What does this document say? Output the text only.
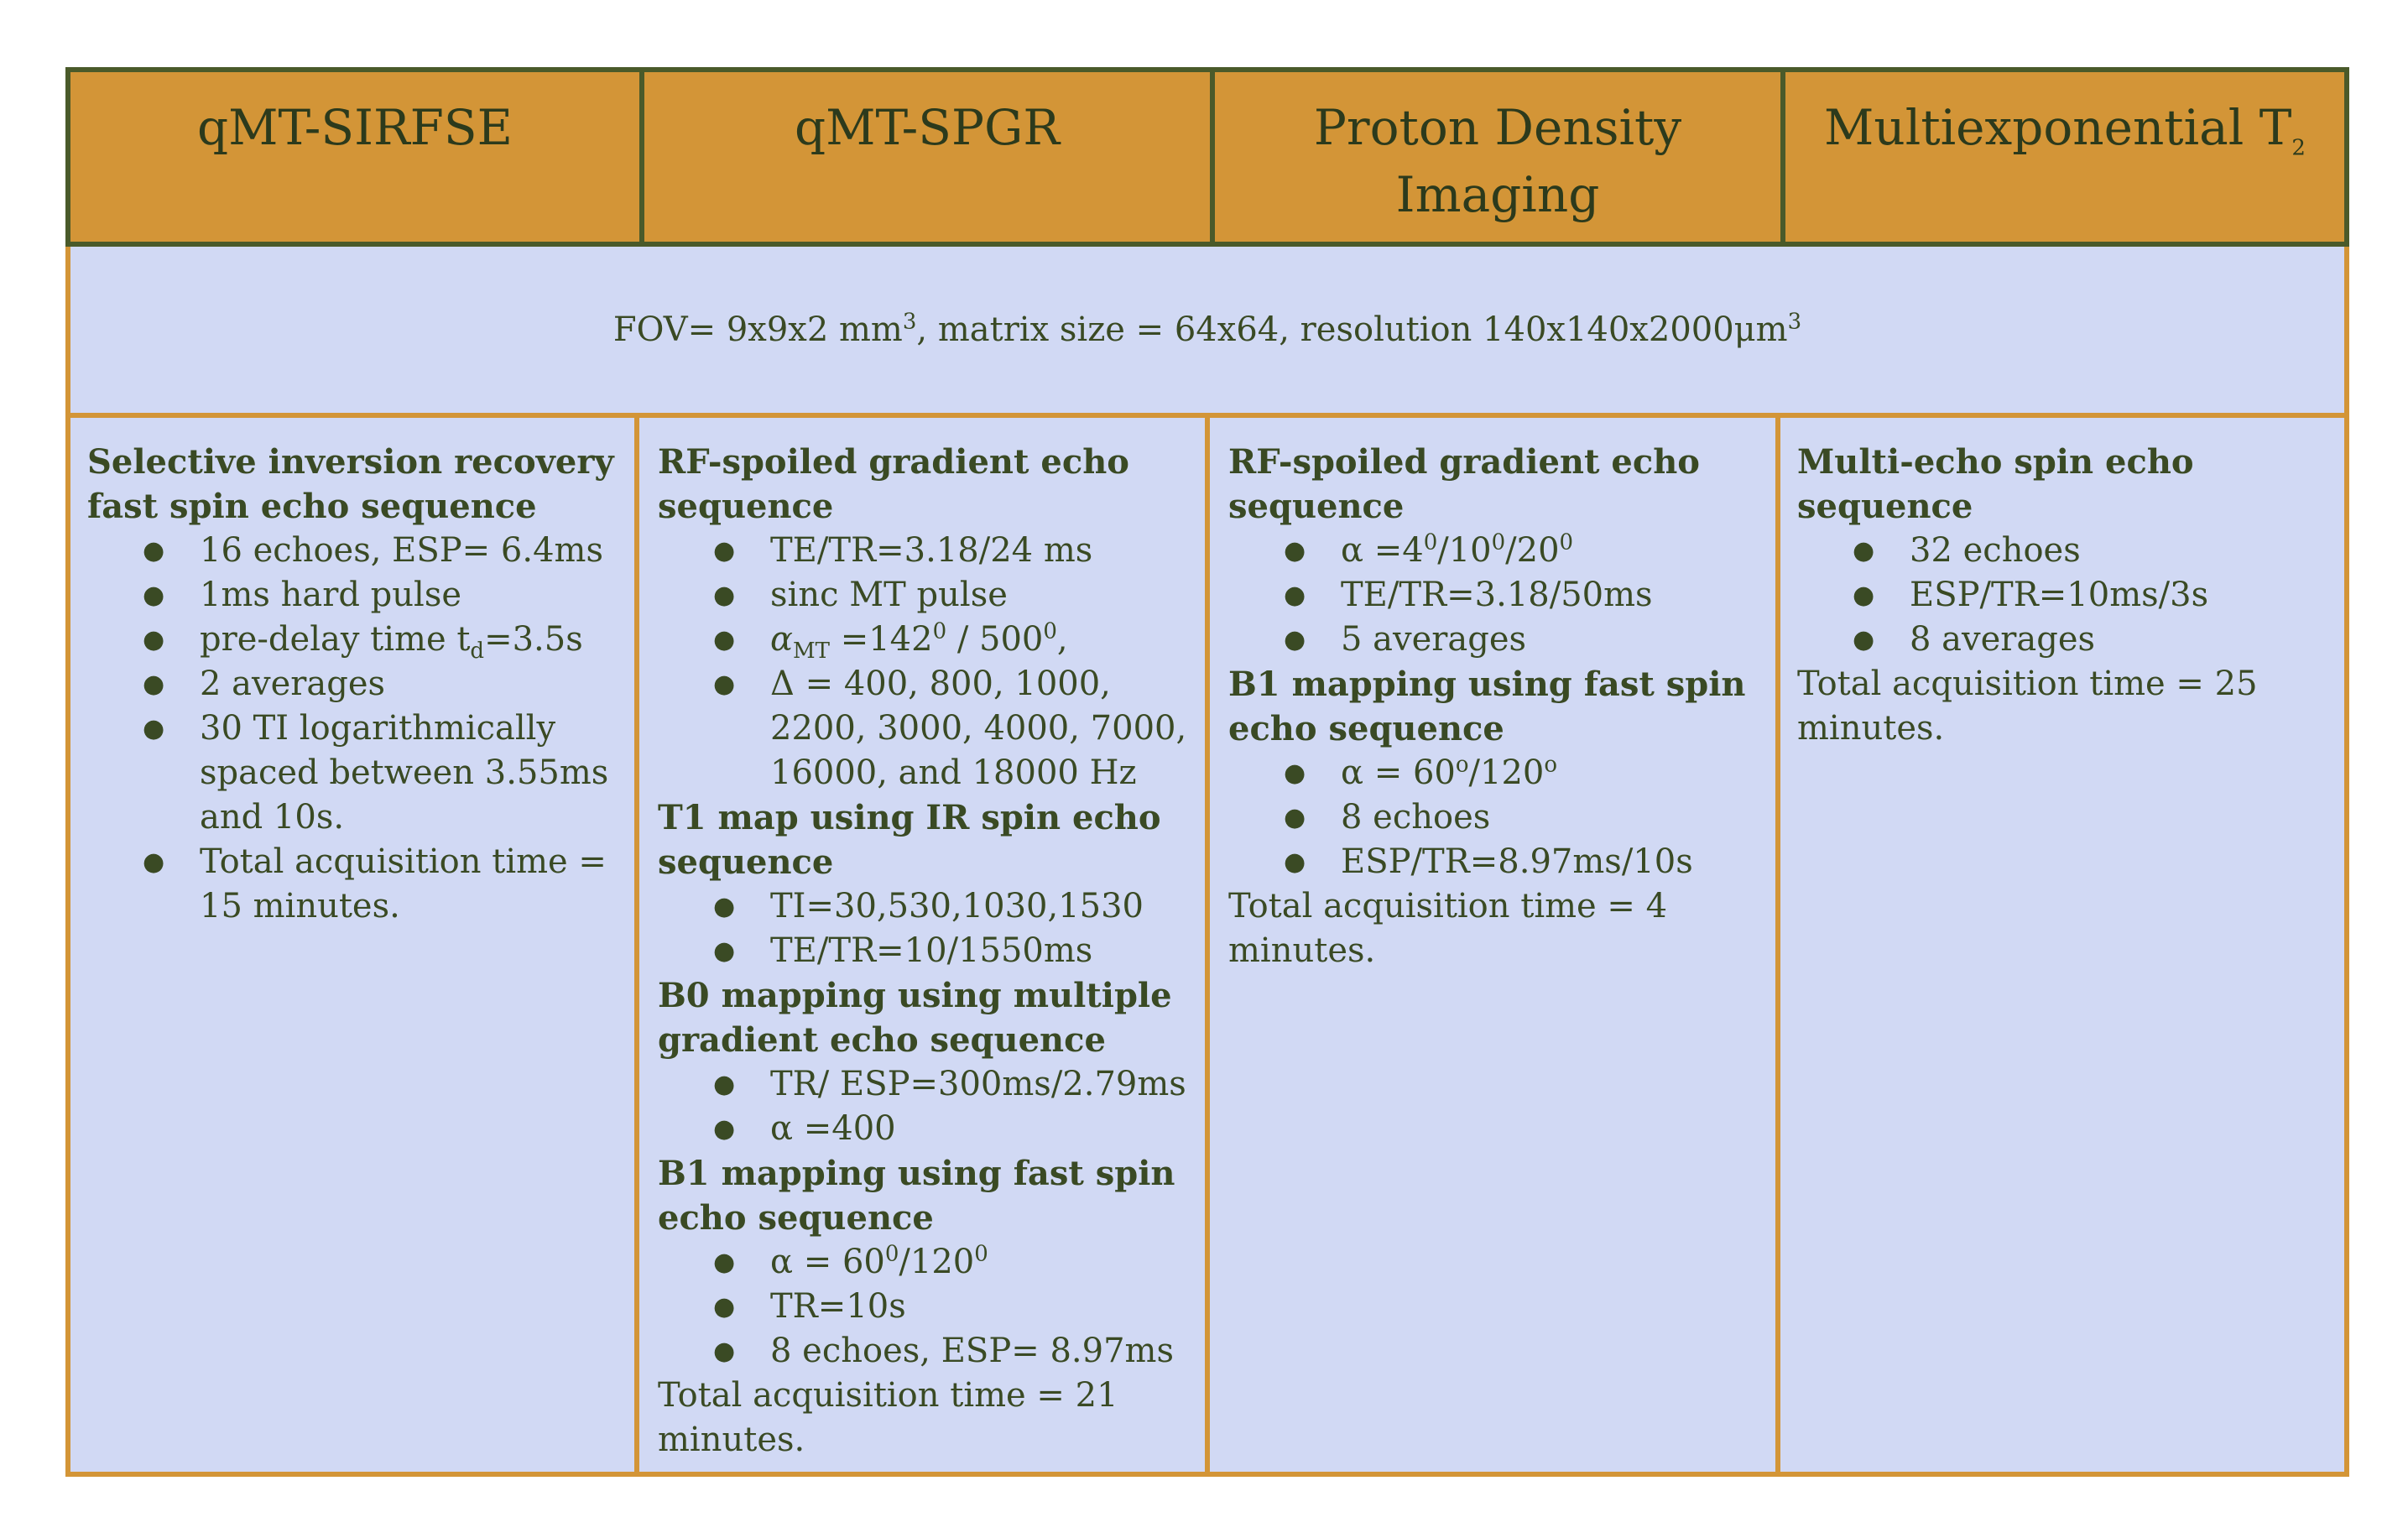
qMT-SIRFSE	qMT-SPGR	Proton Density Imaging
Multiexponential $T_2$
FOV= 9x9x2 $mm^3$, matrix size = 64x64, resolution $140x140x2000\mu m^3$
Selective inversion recovery fast spin echo sequence
● 16 echoes, ESP= 6.4ms
● 1ms hard pulse
● pre-delay time $t_d=3.5s$
● 2 averages
● 30 TI logarithmically spaced between 3.55ms and 10s.
● Total acquisition time = 15 minutes.
RF-spoiled gradient echo sequence
● TE/TR=3.18/24 ms
● sinc MT pulse
● $\alpha_{MT} =142^0 / 500^0$,
● Δ = 400, 800, 1000, 2200, 3000, 4000, 7000, 16000, and 18000 Hz
T1 map using IR spin echo sequence
● TI=30,530,1030,1530
● TE/TR=10/1550ms
B0 mapping using multiple gradient echo sequence
● TR/ ESP=300ms/2.79ms
● α =400
B1 mapping using fast spin echo sequence
● $\alpha = 60^0/120^0$
● TR=10s
● 8 echoes, ESP= 8.97ms

Total acquisition time = 21 minutes.

RF-spoiled gradient echo sequence
● $\alpha =4^0/10^0/20^0$
● TE/TR=3.18/50ms
● 5 averages
B1 mapping using fast spin echo sequence
● $\alpha = 60^o/120^o$
● 8 echoes
● ESP/TR=8.97ms/10s

Total acquisition time = 4 minutes.

Multi-echo spin echo sequence
● 32 echoes
● ESP/TR=10ms/3s
● 8 averages

Total acquisition time = 25 minutes.
